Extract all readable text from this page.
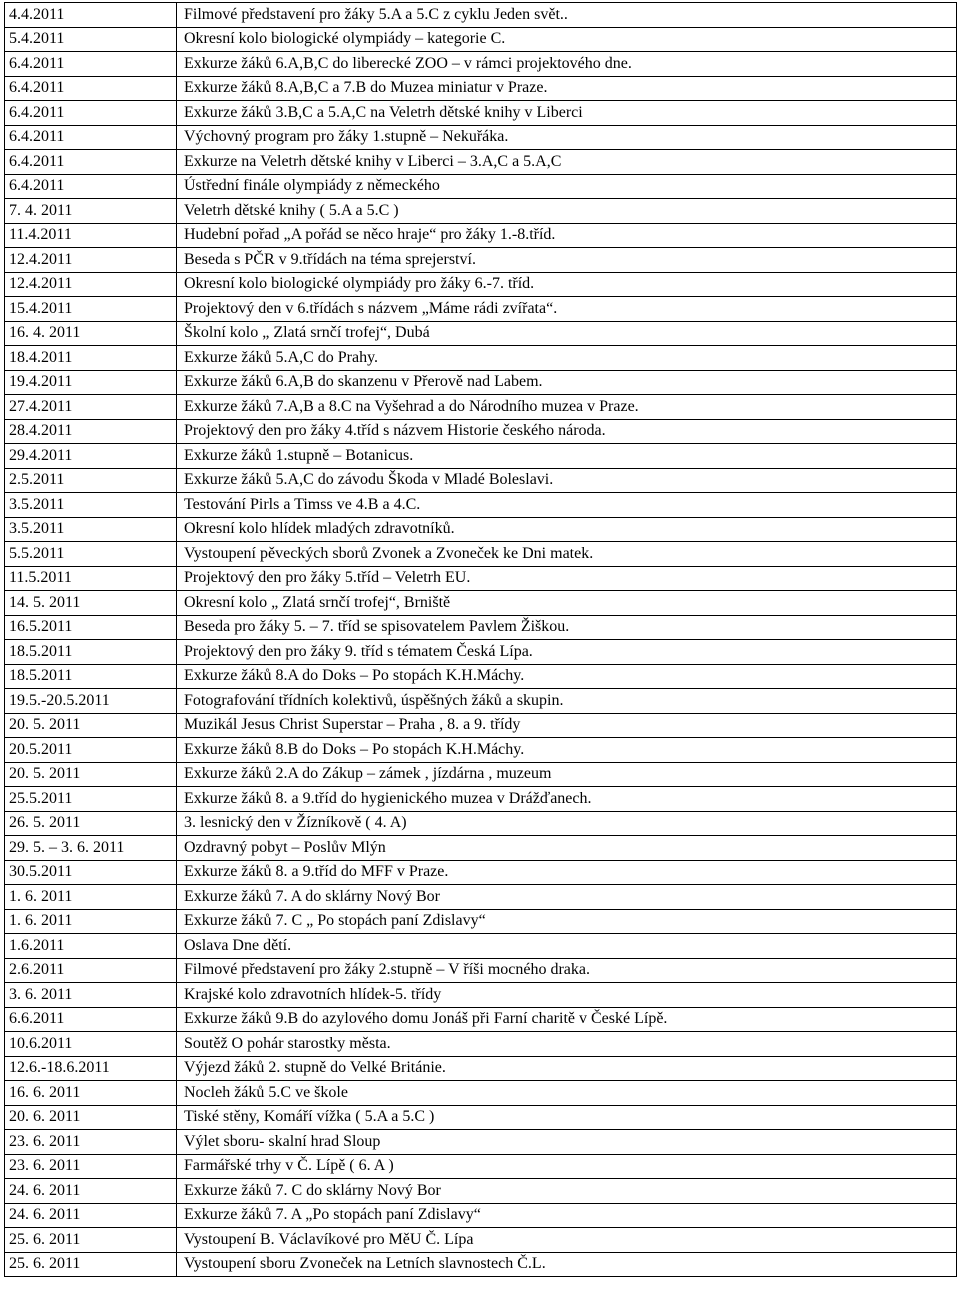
4.4.2011	Filmové představení pro žáky 5.A a 5.C z cyklu Jeden svět..
5.4.2011	Okresní kolo biologické olympiády – kategorie C.
6.4.2011	Exkurze žáků 6.A,B,C do liberecké ZOO – v rámci projektového dne.
6.4.2011	Exkurze žáků 8.A,B,C a 7.B do Muzea miniatur v Praze.
6.4.2011	Exkurze žáků 3.B,C a 5.A,C na Veletrh dětské knihy v Liberci
6.4.2011	Výchovný program pro žáky 1.stupně – Nekuřáka.
6.4.2011	Exkurze na Veletrh dětské knihy v Liberci – 3.A,C a 5.A,C
6.4.2011	Ústřední finále olympiády z německého
7. 4. 2011	Veletrh dětské knihy ( 5.A a 5.C )
11.4.2011	Hudební pořad „A pořád se něco hraje“ pro žáky 1.-8.tříd.
12.4.2011	Beseda s PČR v 9.třídách na téma sprejerství.
12.4.2011	Okresní kolo biologické olympiády pro žáky 6.-7. tříd.
15.4.2011	Projektový den v 6.třídách s názvem „Máme rádi zvířata“.
16. 4. 2011	Školní kolo „ Zlatá srnčí trofej“, Dubá
18.4.2011	Exkurze žáků 5.A,C do Prahy.
19.4.2011	Exkurze žáků 6.A,B do skanzenu v Přerově nad Labem.
27.4.2011	Exkurze žáků 7.A,B a 8.C na Vyšehrad a do Národního muzea v Praze.
28.4.2011	Projektový den pro žáky 4.tříd s názvem Historie českého národa.
29.4.2011	Exkurze žáků 1.stupně – Botanicus.
2.5.2011	Exkurze žáků 5.A,C do závodu Škoda v Mladé Boleslavi.
3.5.2011	Testování Pirls a Timss ve 4.B a 4.C.
3.5.2011	Okresní kolo hlídek mladých zdravotníků.
5.5.2011	Vystoupení pěveckých sborů Zvonek a Zvoneček ke Dni matek.
11.5.2011	Projektový den pro žáky 5.tříd – Veletrh EU.
14. 5. 2011	Okresní kolo „ Zlatá srnčí trofej“, Brniště
16.5.2011	Beseda pro žáky 5. – 7. tříd se spisovatelem Pavlem Žiškou.
18.5.2011	Projektový den pro žáky 9. tříd s tématem Česká Lípa.
18.5.2011	Exkurze žáků 8.A do Doks – Po stopách K.H.Máchy.
19.5.-20.5.2011	Fotografování třídních kolektivů, úspěšných žáků a skupin.
20. 5. 2011	Muzikál Jesus Christ Superstar – Praha , 8. a 9. třídy
20.5.2011	Exkurze žáků 8.B do Doks – Po stopách K.H.Máchy.
20. 5. 2011	Exkurze žáků 2.A do Zákup – zámek , jízdárna , muzeum
25.5.2011	Exkurze žáků 8. a 9.tříd do hygienického muzea v Drážďanech.
26. 5. 2011	3. lesnický den v Žízníkově ( 4. A)
29. 5. – 3. 6. 2011	Ozdravný pobyt – Poslův Mlýn
30.5.2011	Exkurze žáků 8. a 9.tříd do MFF v Praze.
1. 6. 2011	Exkurze žáků 7. A do sklárny Nový Bor
1. 6. 2011	Exkurze žáků 7. C „ Po stopách paní Zdislavy“
1.6.2011	Oslava Dne dětí.
2.6.2011	Filmové představení pro žáky 2.stupně – V říši mocného draka.
3. 6. 2011	Krajské kolo zdravotních hlídek-5. třídy
6.6.2011	Exkurze žáků 9.B do azylového domu Jonáš při Farní charitě v České Lípě.
10.6.2011	Soutěž O pohár starostky města.
12.6.-18.6.2011	Výjezd žáků 2. stupně do Velké Británie.
16. 6. 2011	Nocleh žáků 5.C ve škole
20. 6. 2011	Tiské stěny, Komáří vížka ( 5.A a 5.C )
23. 6. 2011	Výlet sboru- skalní hrad Sloup
23. 6. 2011	Farmářské trhy v Č. Lípě ( 6. A )
24. 6. 2011	Exkurze žáků 7. C do sklárny Nový Bor
24. 6. 2011	Exkurze žáků 7. A „Po stopách paní Zdislavy“
25. 6. 2011	Vystoupení B. Václavíkové pro MěU Č. Lípa
25. 6. 2011	Vystoupení sboru Zvoneček na Letních slavnostech Č.L.
